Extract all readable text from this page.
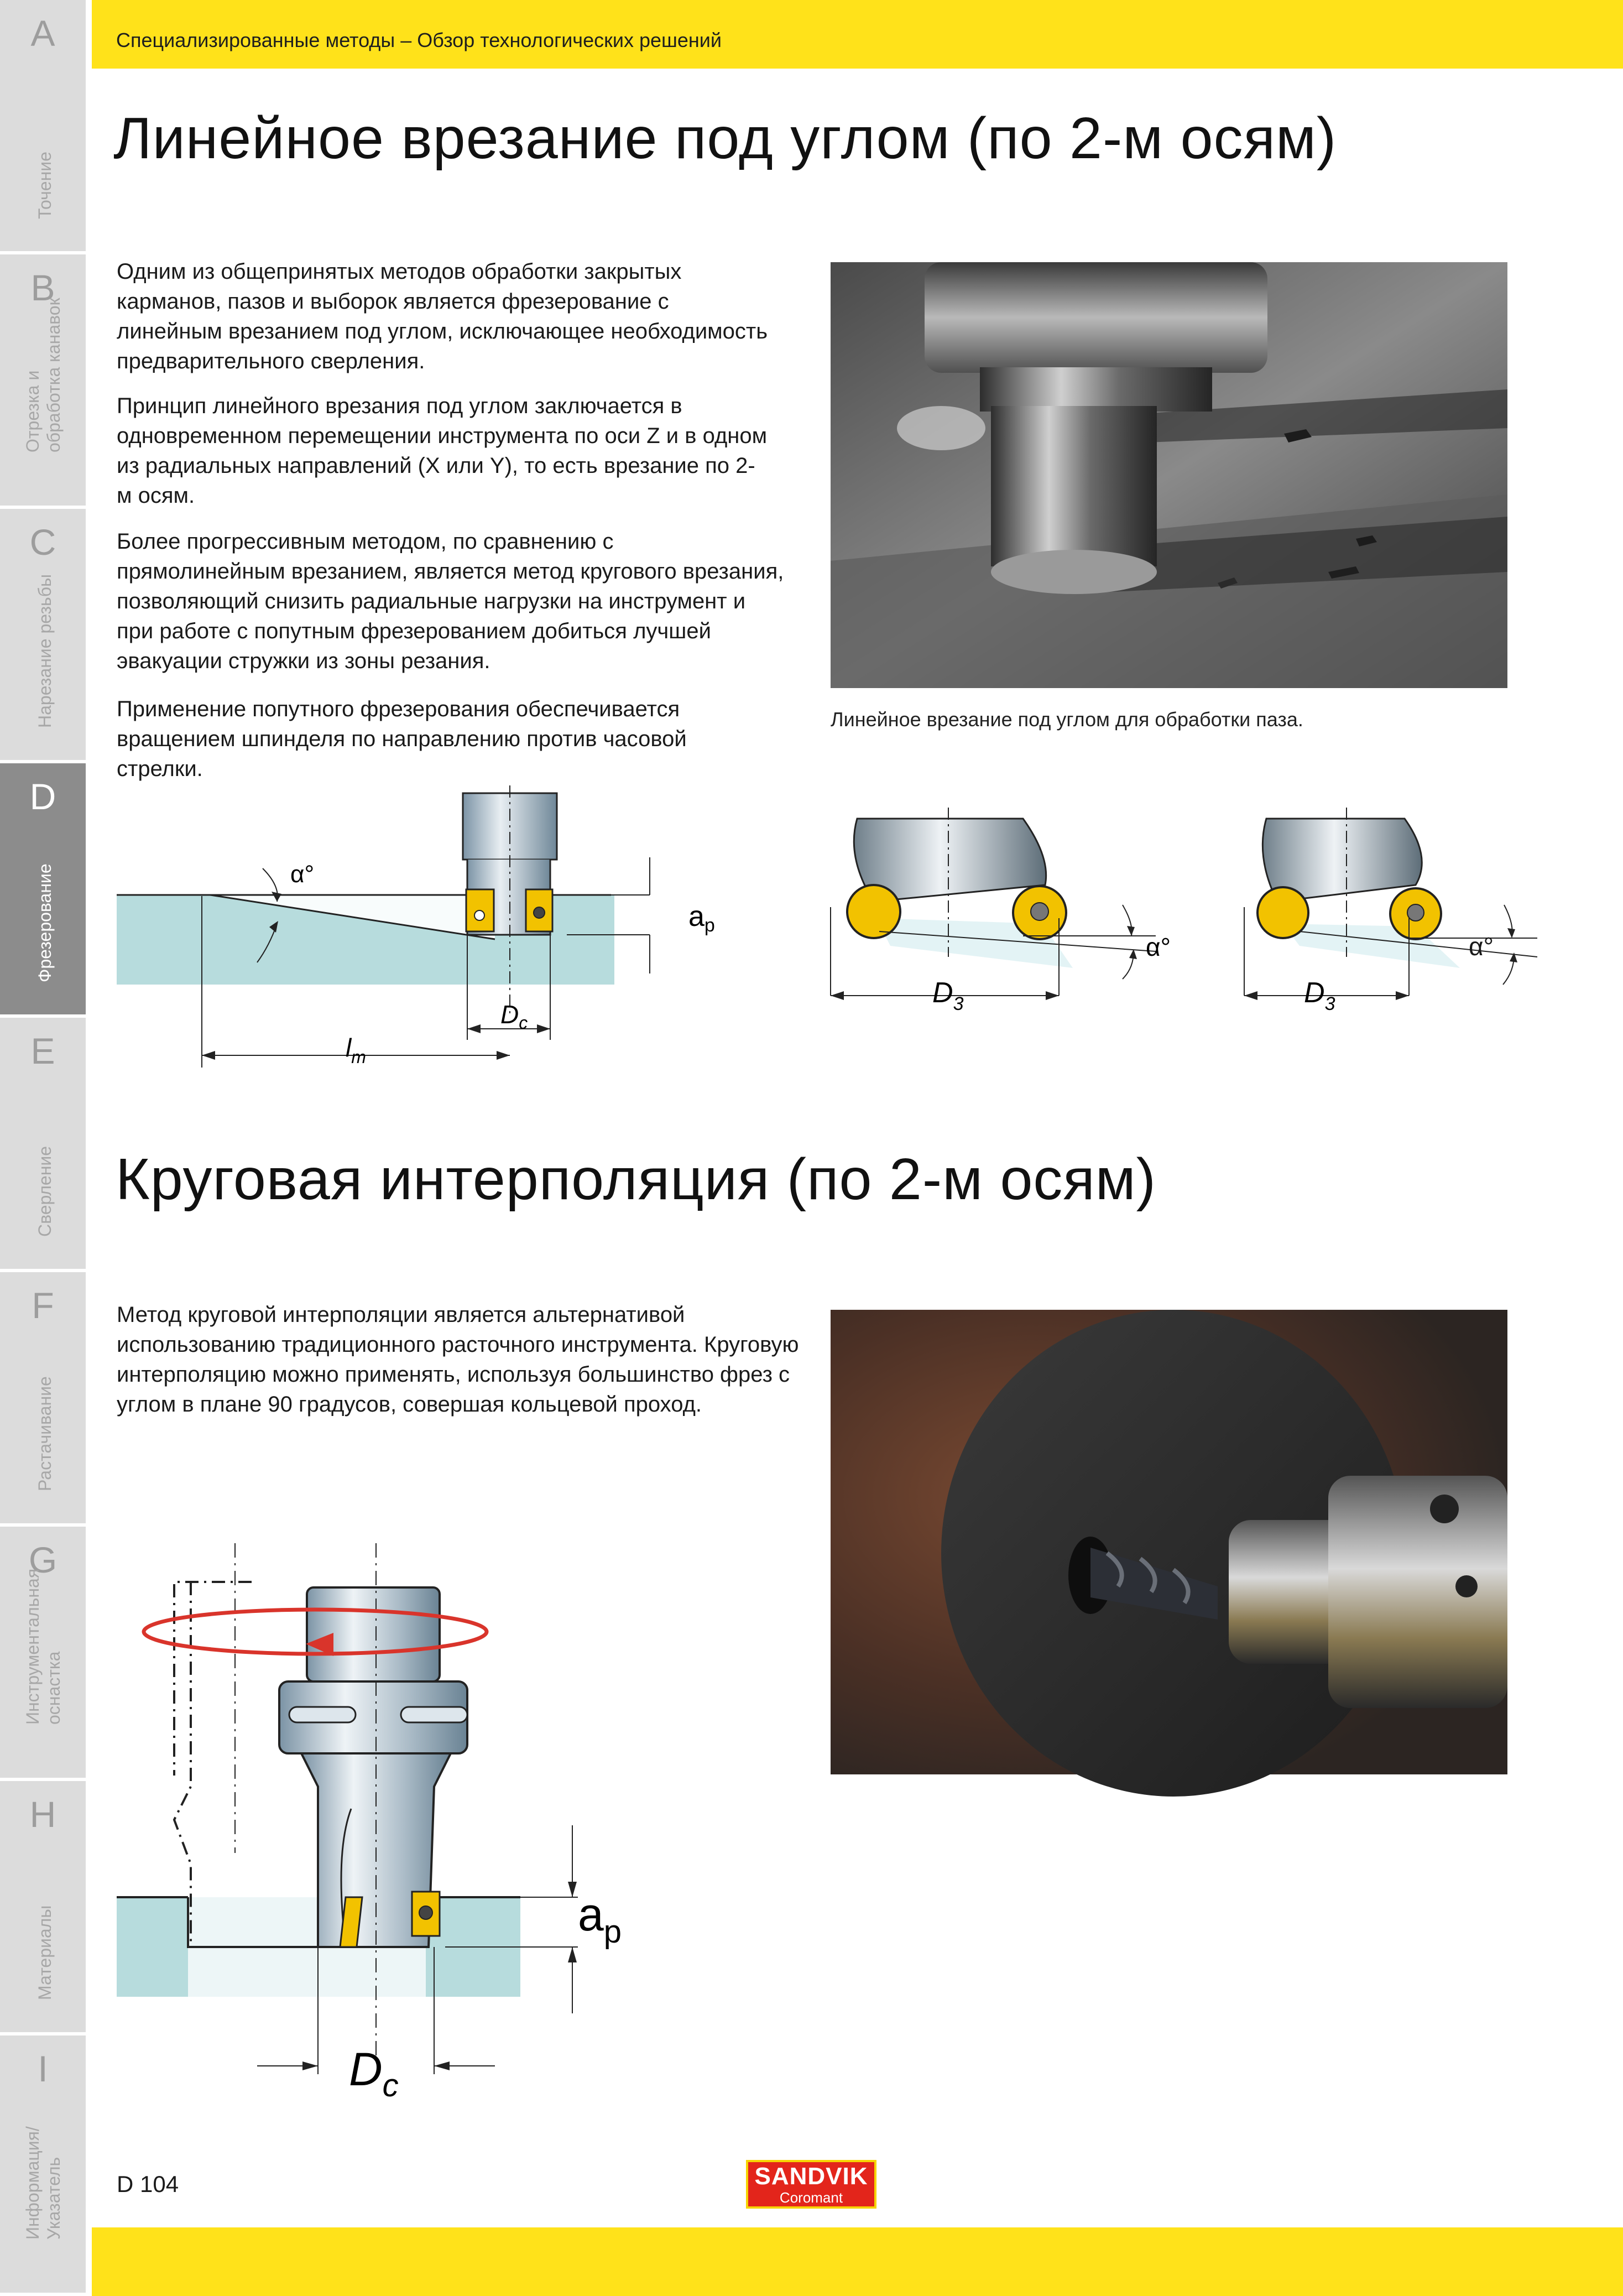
A
Точение
B
Отрезка и обработка канавок
C
Нарезание резьбы
D
Фрезерование
E
Сверление
F
Растачивание
G
Инструментальная оснастка
H
Материалы
I
Информация/ Указатель
Специализированные методы – Обзор технологических решений
Линейное врезание под углом (по 2-м осям)

Одним из общепринятых методов обработки закрытых карманов, пазов и выборок является фрезерование с линейным врезанием под углом, исключающее необходимость предварительного сверления.

Принцип линейного врезания под углом заключается в одновременном перемещении инструмента по оси Z и в одном из радиальных направлений (X или Y), то есть врезание по 2-м осям.

Более прогрессивным методом, по сравнению с прямолинейным врезанием, является метод кругового врезания, позволяющий снизить радиальные нагрузки на инструмент и при работе с попутным фрезерованием добиться лучшей эвакуации стружки из зоны резания.

Применение попутного фрезерования обеспечивается вращением шпинделя по направлению против часовой стрелки.

Линейное врезание под углом для обработки паза.
α°
ap
$D_c$
$l_m$
α°
$D_3$	$D_3$
α°
Круговая интерполяция (по 2-м осям)

Метод круговой интерполяции является альтернативой использованию традиционного расточного инструмента. Круговую интерполяцию можно применять, используя большинство фрез с углом в плане 90 градусов, совершая кольцевой проход.

$a_p$
$D_c$
D 104	SANDVIK
Coromant
